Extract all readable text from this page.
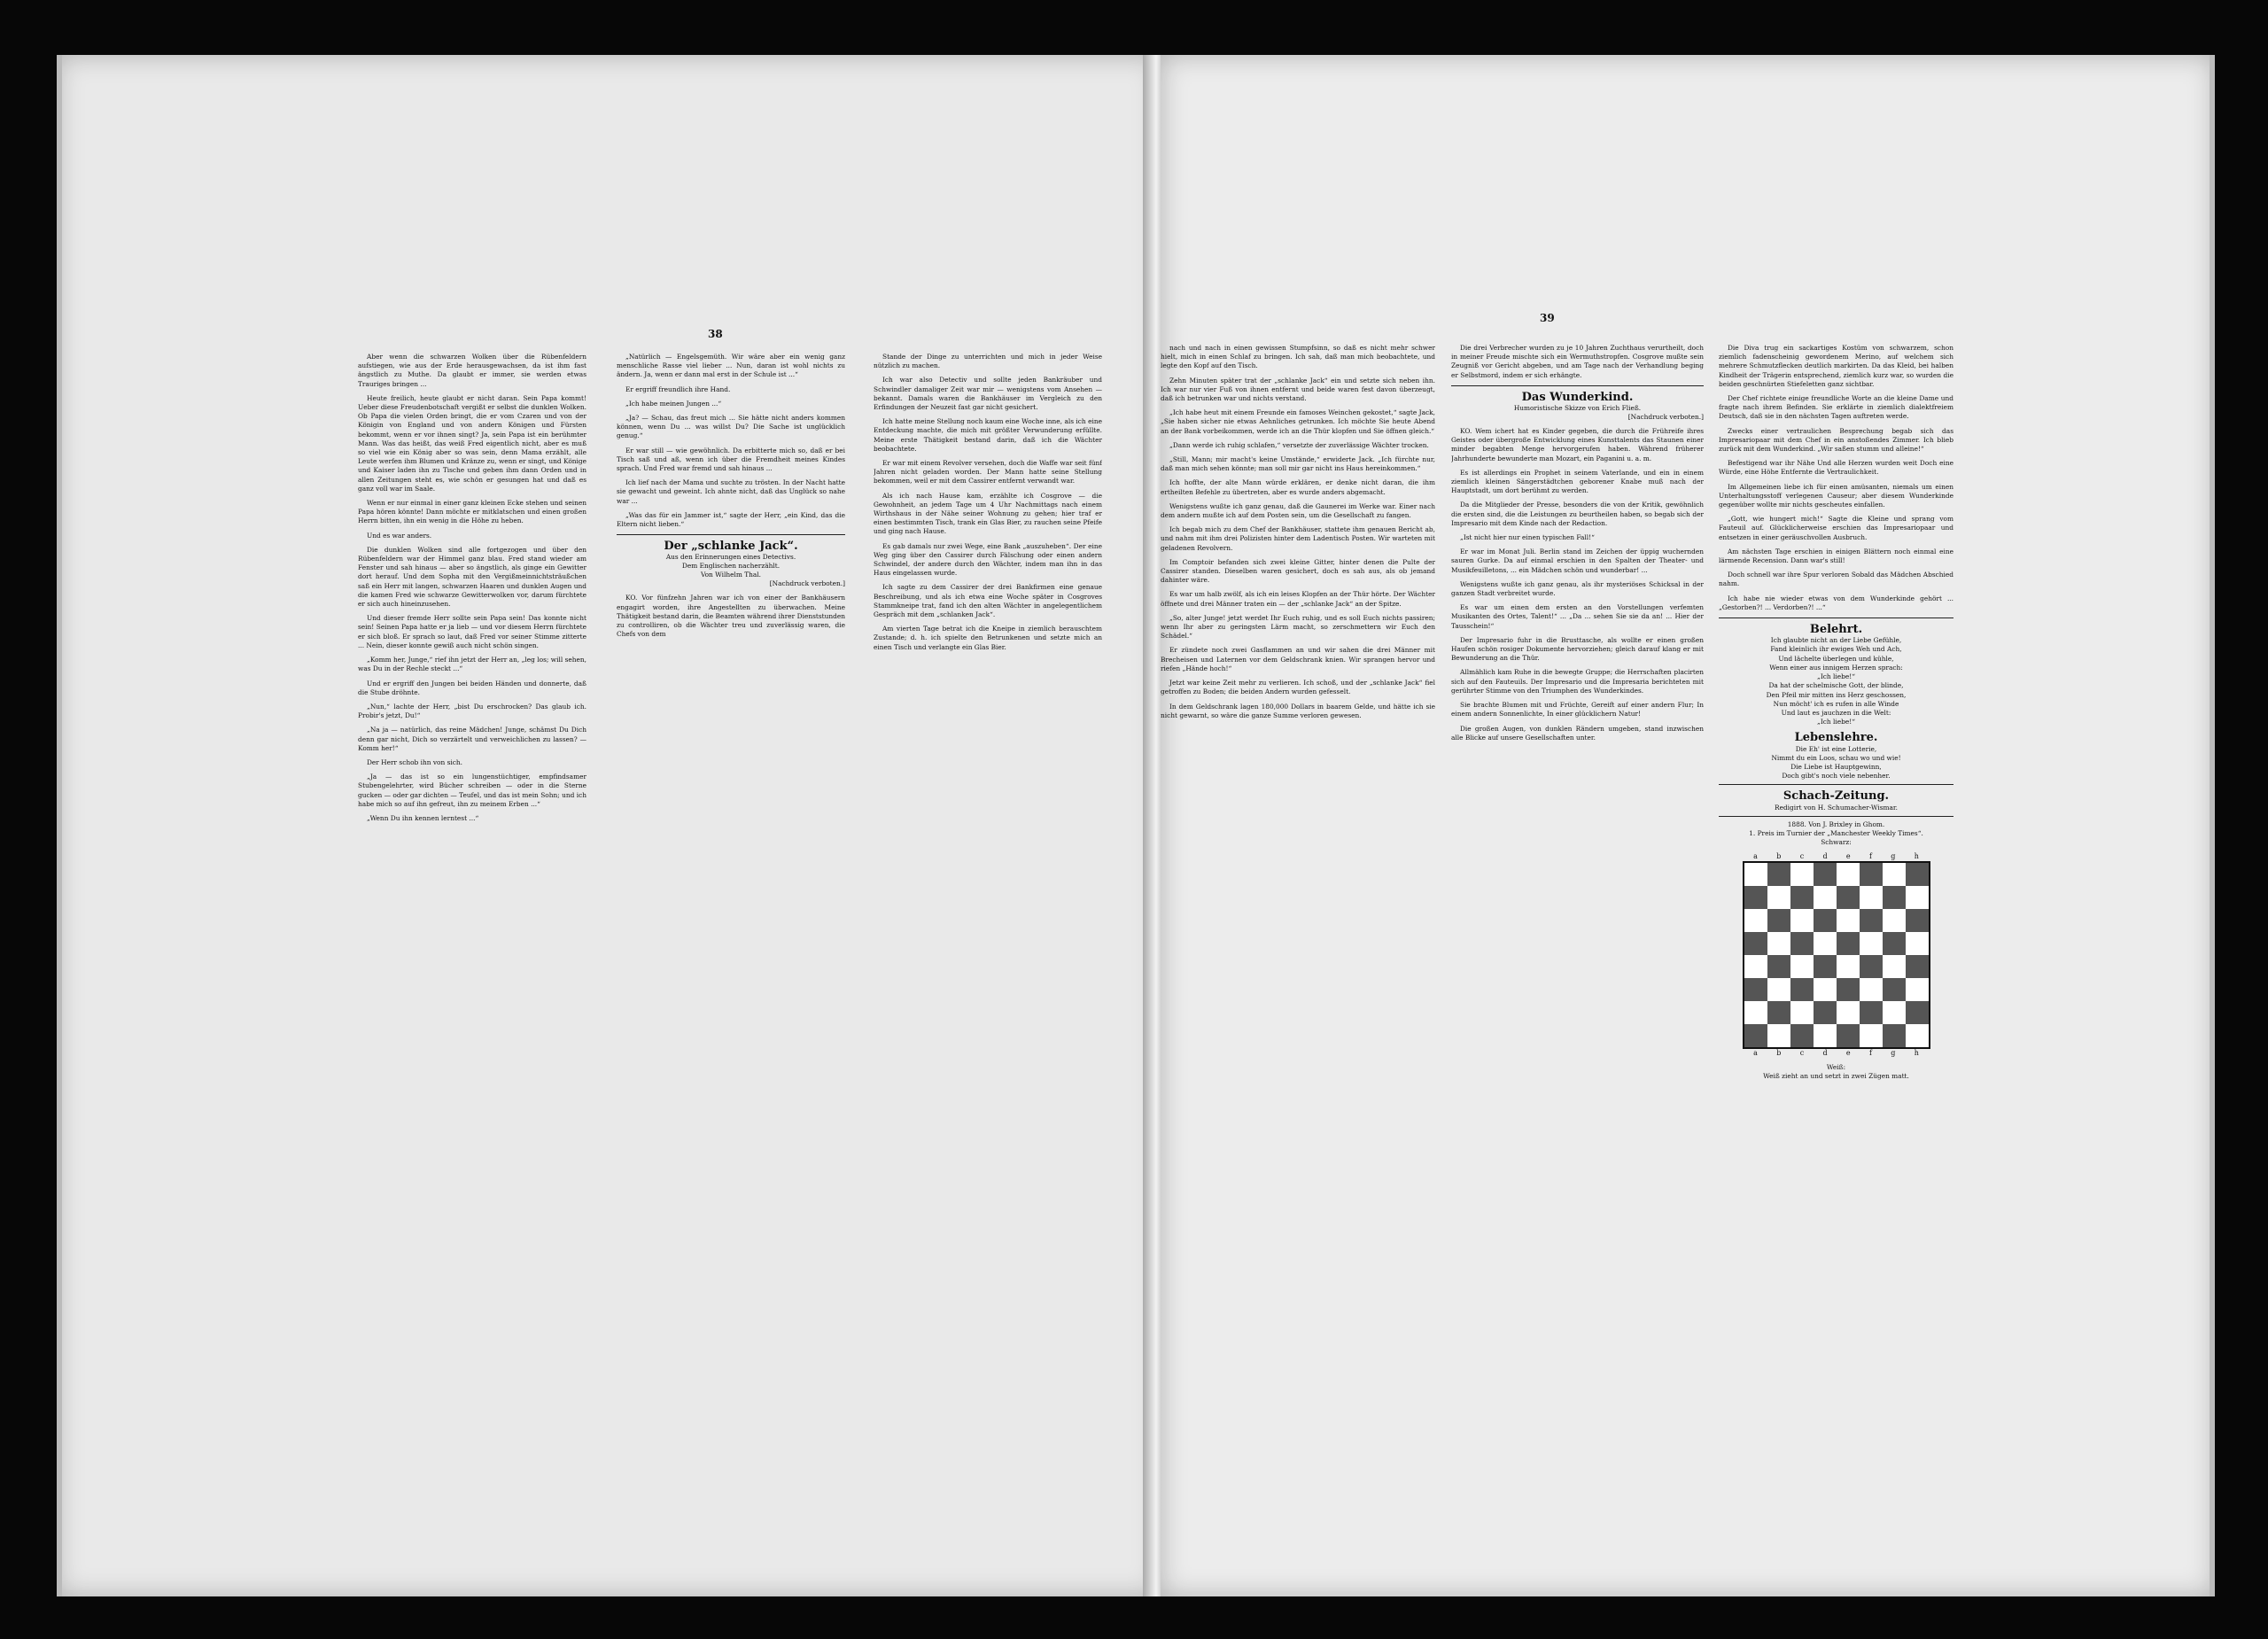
38

Aber wenn die schwarzen Wolken über die Rübenfeldern aufstiegen, wie aus der Erde herausgewachsen, da ist ihm fast ängstlich zu Muthe. Da glaubt er immer, sie werden etwas Trauriges bringen ...

Heute freilich, heute glaubt er nicht daran. Sein Papa kommt! Ueber diese Freudenbotschaft vergißt er selbst die dunklen Wolken. Ob Papa die vielen Orden bringt, die er vom Czaren und von der Königin von England und von andern Königen und Fürsten bekommt, wenn er vor ihnen singt? Ja, sein Papa ist ein berühmter Mann. Was das heißt, das weiß Fred eigentlich nicht, aber es muß so viel wie ein König aber so was sein, denn Mama erzählt, alle Leute werfen ihm Blumen und Kränze zu, wenn er singt, und Könige und Kaiser laden ihn zu Tische und geben ihm dann Orden und in allen Zeitungen steht es, wie schön er gesungen hat und daß es ganz voll war im Saale.

Wenn er nur einmal in einer ganz kleinen Ecke stehen und seinen Papa hören könnte! Dann möchte er mitklatschen und einen großen Herrn bitten, ihn ein wenig in die Höhe zu heben.

Und es war anders.

Die dunklen Wolken sind alle fortgezogen und über den Rübenfeldern war der Himmel ganz blau. Fred stand wieder am Fenster und sah hinaus — aber so ängstlich, als ginge ein Gewitter dort herauf. Und dem Sopha mit den Vergißmeinnichtsträußchen saß ein Herr mit langen, schwarzen Haaren und dunklen Augen und die kamen Fred wie schwarze Gewitterwolken vor, darum fürchtete er sich auch hineinzusehen.

Und dieser fremde Herr sollte sein Papa sein! Das konnte nicht sein! Seinen Papa hatte er ja lieb — und vor diesem Herrn fürchtete er sich bloß. Er sprach so laut, daß Fred vor seiner Stimme zitterte ... Nein, dieser konnte gewiß auch nicht schön singen.

„Komm her, Junge,“ rief ihn jetzt der Herr an, „leg los; will sehen, was Du in der Rechle steckt ...“

Und er ergriff den Jungen bei beiden Händen und donnerte, daß die Stube dröhnte.

„Nun,“ lachte der Herr, „bist Du erschrocken? Das glaub ich. Probir's jetzt, Du!“

„Na ja — natürlich, das reine Mädchen! Junge, schämst Du Dich denn gar nicht, Dich so verzärtelt und verweichlichen zu lassen? — Komm her!“

Der Herr schob ihn von sich.

„Ja — das ist so ein lungenstüchtiger, empfindsamer Stubengelehrter, wird Bücher schreiben — oder in die Sterne gucken — oder gar dichten — Teufel, und das ist mein Sohn; und ich habe mich so auf ihn gefreut, ihn zu meinem Erben ...“

„Wenn Du ihn kennen lerntest ...“

„Natürlich — Engelsgemüth. Wir wäre aber ein wenig ganz menschliche Rasse viel lieber ... Nun, daran ist wohl nichts zu ändern. Ja, wenn er dann mal erst in der Schule ist ...“

Er ergriff freundlich ihre Hand.

„Ich habe meinen Jungen ...“

„Ja? — Schau, das freut mich ... Sie hätte nicht anders kommen können, wenn Du ... was willst Du? Die Sache ist unglücklich genug.“

Er war still — wie gewöhnlich. Da erbitterte mich so, daß er bei Tisch saß und aß, wenn ich über die Fremdheit meines Kindes sprach. Und Fred war fremd und sah hinaus ...

Ich lief nach der Mama und suchte zu trösten. In der Nacht hatte sie gewacht und geweint. Ich ahnte nicht, daß das Unglück so nahe war ...

„Was das für ein Jammer ist,“ sagte der Herr, „ein Kind, das die Eltern nicht lieben.“

Der „schlanke Jack“.
Aus den Erinnerungen eines Detectivs.
Dem Englischen nacherzählt.
Von Wilhelm Thal.
[Nachdruck verboten.]

KO. Vor fünfzehn Jahren war ich von einer der Bankhäusern engagirt worden, ihre Angestellten zu überwachen. Meine Thätigkeit bestand darin, die Beamten während ihrer Dienststunden zu controlliren, ob die Wächter treu und zuverlässig waren, die Chefs von dem

Stande der Dinge zu unterrichten und mich in jeder Weise nützlich zu machen.

Ich war also Detectiv und sollte jeden Bankräuber und Schwindler damaliger Zeit war mir — wenigstens vom Ansehen — bekannt. Damals waren die Bankhäuser im Vergleich zu den Erfindungen der Neuzeit fast gar nicht gesichert.

Ich hatte meine Stellung noch kaum eine Woche inne, als ich eine Entdeckung machte, die mich mit größter Verwunderung erfüllte. Meine erste Thätigkeit bestand darin, daß ich die Wächter beobachtete.

Er war mit einem Revolver versehen, doch die Waffe war seit fünf Jahren nicht geladen worden. Der Mann hatte seine Stellung bekommen, weil er mit dem Cassirer entfernt verwandt war.

Als ich nach Hause kam, erzählte ich Cosgrove — die Gewohnheit, an jedem Tage um 4 Uhr Nachmittags nach einem Wirthshaus in der Nähe seiner Wohnung zu gehen; hier traf er einen bestimmten Tisch, trank ein Glas Bier, zu rauchen seine Pfeife und ging nach Hause.

Es gab damals nur zwei Wege, eine Bank „auszuheben“. Der eine Weg ging über den Cassirer durch Fälschung oder einen andern Schwindel, der andere durch den Wächter, indem man ihn in das Haus eingelassen wurde.

Ich sagte zu dem Cassirer der drei Bankfirmen eine genaue Beschreibung, und als ich etwa eine Woche später in Cosgroves Stammkneipe trat, fand ich den alten Wächter in angelegentlichem Gespräch mit dem „schlanken Jack“.

Am vierten Tage betrat ich die Kneipe in ziemlich berauschtem Zustande; d. h. ich spielte den Betrunkenen und setzte mich an einen Tisch und verlangte ein Glas Bier.

39

nach und nach in einen gewissen Stumpfsinn, so daß es nicht mehr schwer hielt, mich in einen Schlaf zu bringen. Ich sah, daß man mich beobachtete, und legte den Kopf auf den Tisch.

Zehn Minuten später trat der „schlanke Jack“ ein und setzte sich neben ihn. Ich war nur vier Fuß von ihnen entfernt und beide waren fest davon überzeugt, daß ich betrunken war und nichts verstand.

„Ich habe heut mit einem Freunde ein famoses Weinchen gekostet,“ sagte Jack, „Sie haben sicher nie etwas Aehnliches getrunken. Ich möchte Sie heute Abend an der Bank vorbeikommen, werde ich an die Thür klopfen und Sie öffnen gleich.“

„Dann werde ich ruhig schlafen,“ versetzte der zuverlässige Wächter trocken.

„Still, Mann; mir macht's keine Umstände,“ erwiderte Jack. „Ich fürchte nur, daß man mich sehen könnte; man soll mir gar nicht ins Haus hereinkommen.“

Ich hoffte, der alte Mann würde erklären, er denke nicht daran, die ihm ertheilten Befehle zu übertreten, aber es wurde anders abgemacht.

Wenigstens wußte ich ganz genau, daß die Gaunerei im Werke war. Einer nach dem andern mußte ich auf dem Posten sein, um die Gesellschaft zu fangen.

Ich begab mich zu dem Chef der Bankhäuser, stattete ihm genauen Bericht ab, und nahm mit ihm drei Polizisten hinter dem Ladentisch Posten. Wir warteten mit geladenen Revolvern.

Im Comptoir befanden sich zwei kleine Gitter, hinter denen die Pulte der Cassirer standen. Dieselben waren gesichert, doch es sah aus, als ob jemand dahinter wäre.

Es war um halb zwölf, als ich ein leises Klopfen an der Thür hörte. Der Wächter öffnete und drei Männer traten ein — der „schlanke Jack“ an der Spitze.

„So, alter Junge! jetzt werdet Ihr Euch ruhig, und es soll Euch nichts passiren; wenn Ihr aber zu geringsten Lärm macht, so zerschmettern wir Euch den Schädel.“

Er zündete noch zwei Gasflammen an und wir sahen die drei Männer mit Brecheisen und Laternen vor dem Geldschrank knien. Wir sprangen hervor und riefen „Hände hoch!“

Jetzt war keine Zeit mehr zu verlieren. Ich schoß, und der „schlanke Jack“ fiel getroffen zu Boden; die beiden Andern wurden gefesselt.

In dem Geldschrank lagen 180,000 Dollars in baarem Gelde, und hätte ich sie nicht gewarnt, so wäre die ganze Summe verloren gewesen.

Die drei Verbrecher wurden zu je 10 Jahren Zuchthaus verurtheilt, doch in meiner Freude mischte sich ein Wermuthstropfen. Cosgrove mußte sein Zeugniß vor Gericht abgeben, und am Tage nach der Verhandlung beging er Selbstmord, indem er sich erhängte.

Das Wunderkind.
Humoristische Skizze von Erich Fließ.
[Nachdruck verboten.]

KO. Wem ichert hat es Kinder gegeben, die durch die Frühreife ihres Geistes oder übergroße Entwicklung eines Kunsttalents das Staunen einer minder begabten Menge hervorgerufen haben. Während früherer Jahrhunderte bewunderte man Mozart, ein Paganini u. a. m.

Es ist allerdings ein Prophet in seinem Vaterlande, und ein in einem ziemlich kleinen Sängerstädtchen geborener Knabe muß nach der Hauptstadt, um dort berühmt zu werden.

Da die Mitglieder der Presse, besonders die von der Kritik, gewöhnlich die ersten sind, die die Leistungen zu beurtheilen haben, so begab sich der Impresario mit dem Kinde nach der Redaction.

„Ist nicht hier nur einen typischen Fall!“

Er war im Monat Juli. Berlin stand im Zeichen der üppig wuchernden sauren Gurke. Da auf einmal erschien in den Spalten der Theater- und Musikfeuilletons, ... ein Mädchen schön und wunderbar! ...

Wenigstens wußte ich ganz genau, als ihr mysteriöses Schicksal in der ganzen Stadt verbreitet wurde.

Es war um einen dem ersten an den Vorstellungen verfemten Musikanten des Ortes, Talent!“ ... „Da ... sehen Sie sie da an! ... Hier der Tausschein!“

Der Impresario fuhr in die Brusttasche, als wollte er einen großen Haufen schön rosiger Dokumente hervorziehen; gleich darauf klang er mit Bewunderung an die Thür.

Allmählich kam Ruhe in die bewegte Gruppe; die Herrschaften placirten sich auf den Fauteuils. Der Impresario und die Impresaria berichteten mit gerührter Stimme von den Triumphen des Wunderkindes.

Sie brachte Blumen mit und Früchte, Gereift auf einer andern Flur; In einem andern Sonnenlichte, In einer glücklichern Natur!

Die großen Augen, von dunklen Rändern umgeben, stand inzwischen alle Blicke auf unsere Gesellschaften unter.

Die Diva trug ein sackartiges Kostüm von schwarzem, schon ziemlich fadenscheinig gewordenem Merino, auf welchem sich mehrere Schmutzflecken deutlich markirten. Da das Kleid, bei halben Kindheit der Trägerin entsprechend, ziemlich kurz war, so wurden die beiden geschnürten Stiefeletten ganz sichtbar.

Der Chef richtete einige freundliche Worte an die kleine Dame und fragte nach ihrem Befinden. Sie erklärte in ziemlich dialektfreiem Deutsch, daß sie in den nächsten Tagen auftreten werde.

Zwecks einer vertraulichen Besprechung begab sich das Impresariopaar mit dem Chef in ein anstoßendes Zimmer. Ich blieb zurück mit dem Wunderkind. „Wir saßen stumm und alleine!“

Befestigend war ihr Nähe Und alle Herzen wurden weit Doch eine Würde, eine Höhe Entfernte die Vertraulichkeit.

Im Allgemeinen liebe ich für einen amüsanten, niemals um einen Unterhaltungsstoff verlegenen Causeur; aber diesem Wunderkinde gegenüber wollte mir nichts gescheutes einfallen.

„Gott, wie hungert mich!“ Sagte die Kleine und sprang vom Fauteuil auf. Glücklicherweise erschien das Impresariopaar und entsetzen in einer geräuschvollen Ausbruch.

Am nächsten Tage erschien in einigen Blättern noch einmal eine lärmende Recension. Dann war's still!

Doch schnell war ihre Spur verloren Sobald das Mädchen Abschied nahm.

Ich habe nie wieder etwas von dem Wunderkinde gehört ... „Gestorben?! ... Verdorben?! ...“

Belehrt.
Ich glaubte nicht an der Liebe Gefühle,
Fand kleinlich ihr ewiges Weh und Ach,
Und lächelte überlegen und kühle,
Wenn einer aus innigem Herzen sprach:
„Ich liebe!“
Da hat der schelmische Gott, der blinde,
Den Pfeil mir mitten ins Herz geschossen,
Nun möcht' ich es rufen in alle Winde
Und laut es jauchzen in die Welt:
„Ich liebe!“
Lebenslehre.
Die Eh' ist eine Lotterie,
Nimmt du ein Loos, schau wo und wie!
Die Liebe ist Hauptgewinn,
Doch gibt's noch viele nebenher.
Schach-Zeitung.
Redigirt von H. Schumacher-Wismar.
1888. Von J. Brixley in Ghom.
1. Preis im Turnier der „Manchester Weekly Times“.
Schwarz:
a	b	c	d	e	f	g	h
a	b	c	d	e	f	g	h
Weiß:
Weiß zieht an und setzt in zwei Zügen matt.
